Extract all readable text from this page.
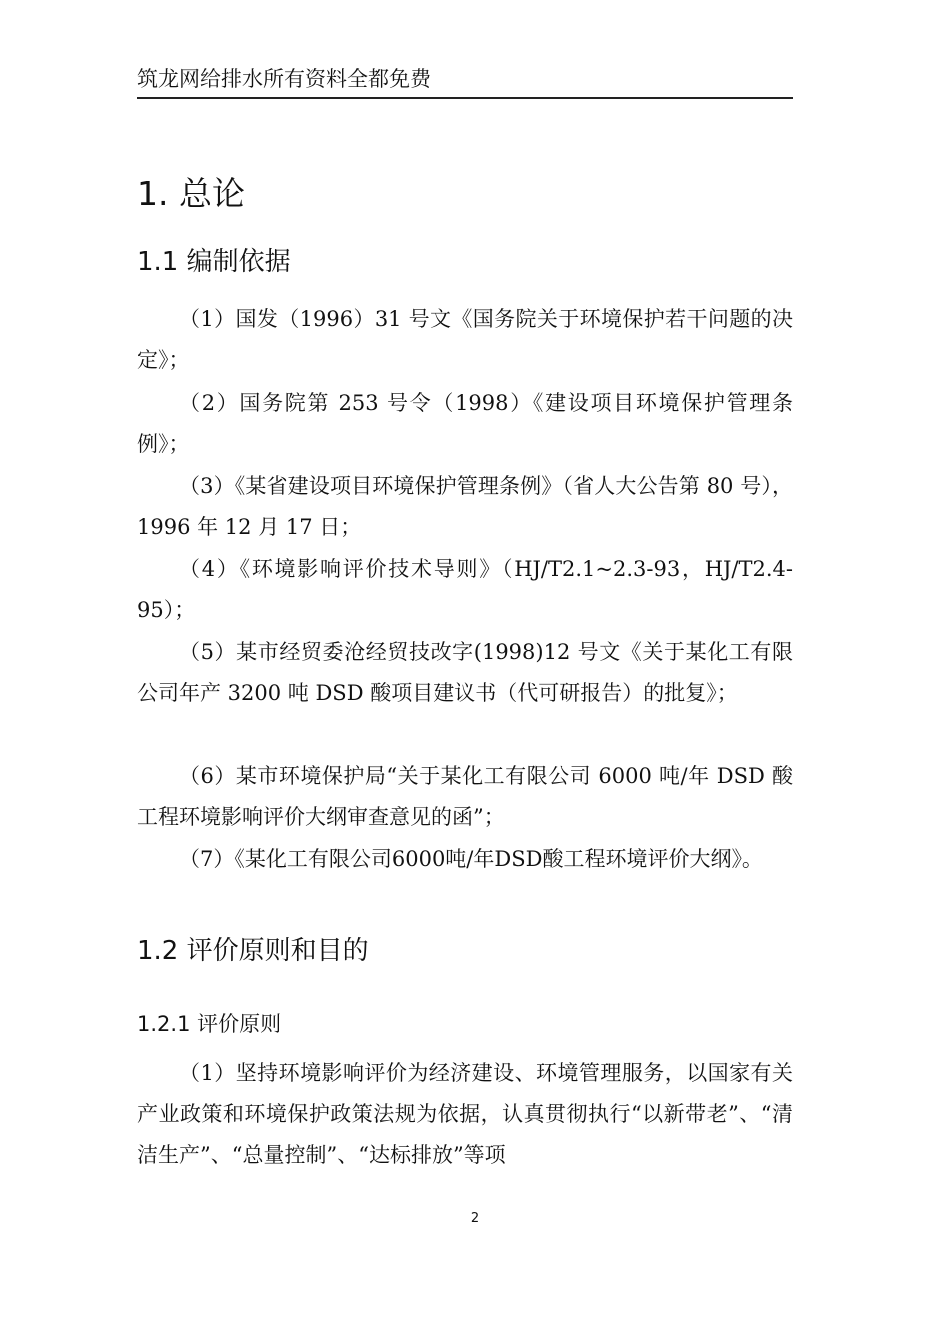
筑龙网给排水所有资料全都免费
1. 总论
1.1 编制依据
（1）国发（1996）31 号文《国务院关于环境保护若干问题的决定》；
（2）国务院第 253 号令（1998）《建设项目环境保护管理条例》；
（3）《某省建设项目环境保护管理条例》（省人大公告第 80 号），1996 年 12 月 17 日；
（4）《环境影响评价技术导则》（HJ/T2.1~2.3-93，HJ/T2.4-95）；
（5）某市经贸委沧经贸技改字(1998)12 号文《关于某化工有限公司年产 3200 吨 DSD 酸项目建议书（代可研报告）的批复》；
（6）某市环境保护局“关于某化工有限公司 6000 吨/年 DSD 酸工程环境影响评价大纲审查意见的函”；
（7）《某化工有限公司6000吨/年DSD酸工程环境评价大纲》。
1.2 评价原则和目的
1.2.1 评价原则
（1）坚持环境影响评价为经济建设、环境管理服务，以国家有关产业政策和环境保护政策法规为依据，认真贯彻执行“以新带老”、“清洁生产”、“总量控制”、“达标排放”等项
2
